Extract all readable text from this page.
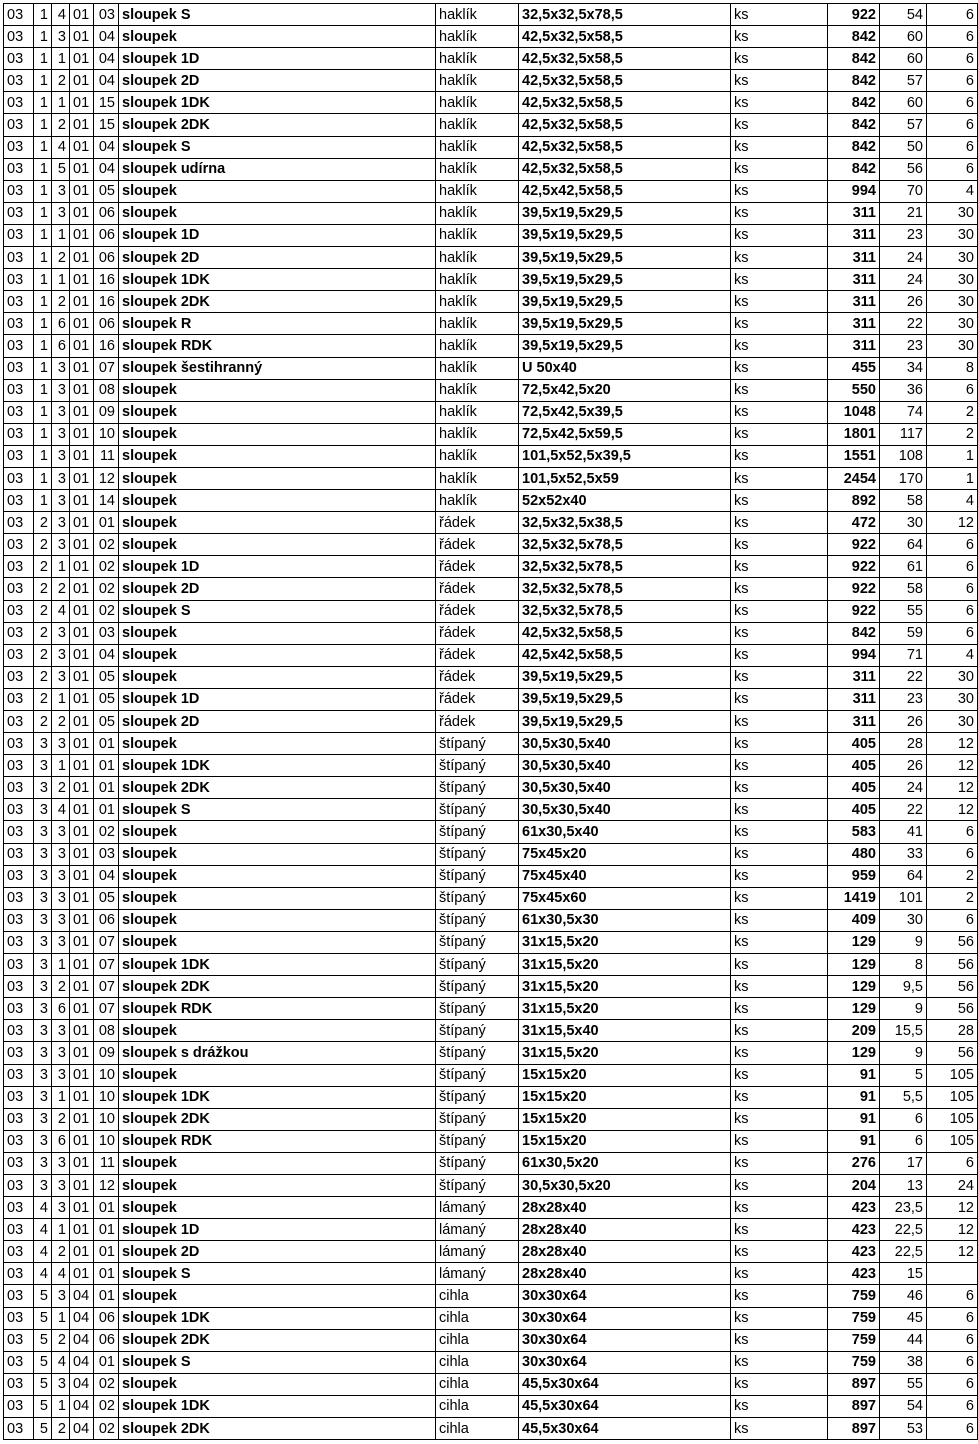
03	1	4	01	03	sloupek S	haklík	32,5x32,5x78,5	ks	922	54	6
03	1	3	01	04	sloupek	haklík	42,5x32,5x58,5	ks	842	60	6
03	1	1	01	04	sloupek 1D	haklík	42,5x32,5x58,5	ks	842	60	6
03	1	2	01	04	sloupek 2D	haklík	42,5x32,5x58,5	ks	842	57	6
03	1	1	01	15	sloupek 1DK	haklík	42,5x32,5x58,5	ks	842	60	6
03	1	2	01	15	sloupek 2DK	haklík	42,5x32,5x58,5	ks	842	57	6
03	1	4	01	04	sloupek S	haklík	42,5x32,5x58,5	ks	842	50	6
03	1	5	01	04	sloupek udírna	haklík	42,5x32,5x58,5	ks	842	56	6
03	1	3	01	05	sloupek	haklík	42,5x42,5x58,5	ks	994	70	4
03	1	3	01	06	sloupek	haklík	39,5x19,5x29,5	ks	311	21	30
03	1	1	01	06	sloupek 1D	haklík	39,5x19,5x29,5	ks	311	23	30
03	1	2	01	06	sloupek 2D	haklík	39,5x19,5x29,5	ks	311	24	30
03	1	1	01	16	sloupek 1DK	haklík	39,5x19,5x29,5	ks	311	24	30
03	1	2	01	16	sloupek 2DK	haklík	39,5x19,5x29,5	ks	311	26	30
03	1	6	01	06	sloupek R	haklík	39,5x19,5x29,5	ks	311	22	30
03	1	6	01	16	sloupek RDK	haklík	39,5x19,5x29,5	ks	311	23	30
03	1	3	01	07	sloupek šestihranný	haklík	U 50x40	ks	455	34	8
03	1	3	01	08	sloupek	haklík	72,5x42,5x20	ks	550	36	6
03	1	3	01	09	sloupek	haklík	72,5x42,5x39,5	ks	1048	74	2
03	1	3	01	10	sloupek	haklík	72,5x42,5x59,5	ks	1801	117	2
03	1	3	01	11	sloupek	haklík	101,5x52,5x39,5	ks	1551	108	1
03	1	3	01	12	sloupek	haklík	101,5x52,5x59	ks	2454	170	1
03	1	3	01	14	sloupek	haklík	52x52x40	ks	892	58	4
03	2	3	01	01	sloupek	řádek	32,5x32,5x38,5	ks	472	30	12
03	2	3	01	02	sloupek	řádek	32,5x32,5x78,5	ks	922	64	6
03	2	1	01	02	sloupek 1D	řádek	32,5x32,5x78,5	ks	922	61	6
03	2	2	01	02	sloupek 2D	řádek	32,5x32,5x78,5	ks	922	58	6
03	2	4	01	02	sloupek S	řádek	32,5x32,5x78,5	ks	922	55	6
03	2	3	01	03	sloupek	řádek	42,5x32,5x58,5	ks	842	59	6
03	2	3	01	04	sloupek	řádek	42,5x42,5x58,5	ks	994	71	4
03	2	3	01	05	sloupek	řádek	39,5x19,5x29,5	ks	311	22	30
03	2	1	01	05	sloupek 1D	řádek	39,5x19,5x29,5	ks	311	23	30
03	2	2	01	05	sloupek 2D	řádek	39,5x19,5x29,5	ks	311	26	30
03	3	3	01	01	sloupek	štípaný	30,5x30,5x40	ks	405	28	12
03	3	1	01	01	sloupek 1DK	štípaný	30,5x30,5x40	ks	405	26	12
03	3	2	01	01	sloupek 2DK	štípaný	30,5x30,5x40	ks	405	24	12
03	3	4	01	01	sloupek S	štípaný	30,5x30,5x40	ks	405	22	12
03	3	3	01	02	sloupek	štípaný	61x30,5x40	ks	583	41	6
03	3	3	01	03	sloupek	štípaný	75x45x20	ks	480	33	6
03	3	3	01	04	sloupek	štípaný	75x45x40	ks	959	64	2
03	3	3	01	05	sloupek	štípaný	75x45x60	ks	1419	101	2
03	3	3	01	06	sloupek	štípaný	61x30,5x30	ks	409	30	6
03	3	3	01	07	sloupek	štípaný	31x15,5x20	ks	129	9	56
03	3	1	01	07	sloupek 1DK	štípaný	31x15,5x20	ks	129	8	56
03	3	2	01	07	sloupek 2DK	štípaný	31x15,5x20	ks	129	9,5	56
03	3	6	01	07	sloupek RDK	štípaný	31x15,5x20	ks	129	9	56
03	3	3	01	08	sloupek	štípaný	31x15,5x40	ks	209	15,5	28
03	3	3	01	09	sloupek s drážkou	štípaný	31x15,5x20	ks	129	9	56
03	3	3	01	10	sloupek	štípaný	15x15x20	ks	91	5	105
03	3	1	01	10	sloupek 1DK	štípaný	15x15x20	ks	91	5,5	105
03	3	2	01	10	sloupek 2DK	štípaný	15x15x20	ks	91	6	105
03	3	6	01	10	sloupek RDK	štípaný	15x15x20	ks	91	6	105
03	3	3	01	11	sloupek	štípaný	61x30,5x20	ks	276	17	6
03	3	3	01	12	sloupek	štípaný	30,5x30,5x20	ks	204	13	24
03	4	3	01	01	sloupek	lámaný	28x28x40	ks	423	23,5	12
03	4	1	01	01	sloupek 1D	lámaný	28x28x40	ks	423	22,5	12
03	4	2	01	01	sloupek 2D	lámaný	28x28x40	ks	423	22,5	12
03	4	4	01	01	sloupek S	lámaný	28x28x40	ks	423	15	
03	5	3	04	01	sloupek	cihla	30x30x64	ks	759	46	6
03	5	1	04	06	sloupek 1DK	cihla	30x30x64	ks	759	45	6
03	5	2	04	06	sloupek 2DK	cihla	30x30x64	ks	759	44	6
03	5	4	04	01	sloupek S	cihla	30x30x64	ks	759	38	6
03	5	3	04	02	sloupek	cihla	45,5x30x64	ks	897	55	6
03	5	1	04	02	sloupek 1DK	cihla	45,5x30x64	ks	897	54	6
03	5	2	04	02	sloupek 2DK	cihla	45,5x30x64	ks	897	53	6
